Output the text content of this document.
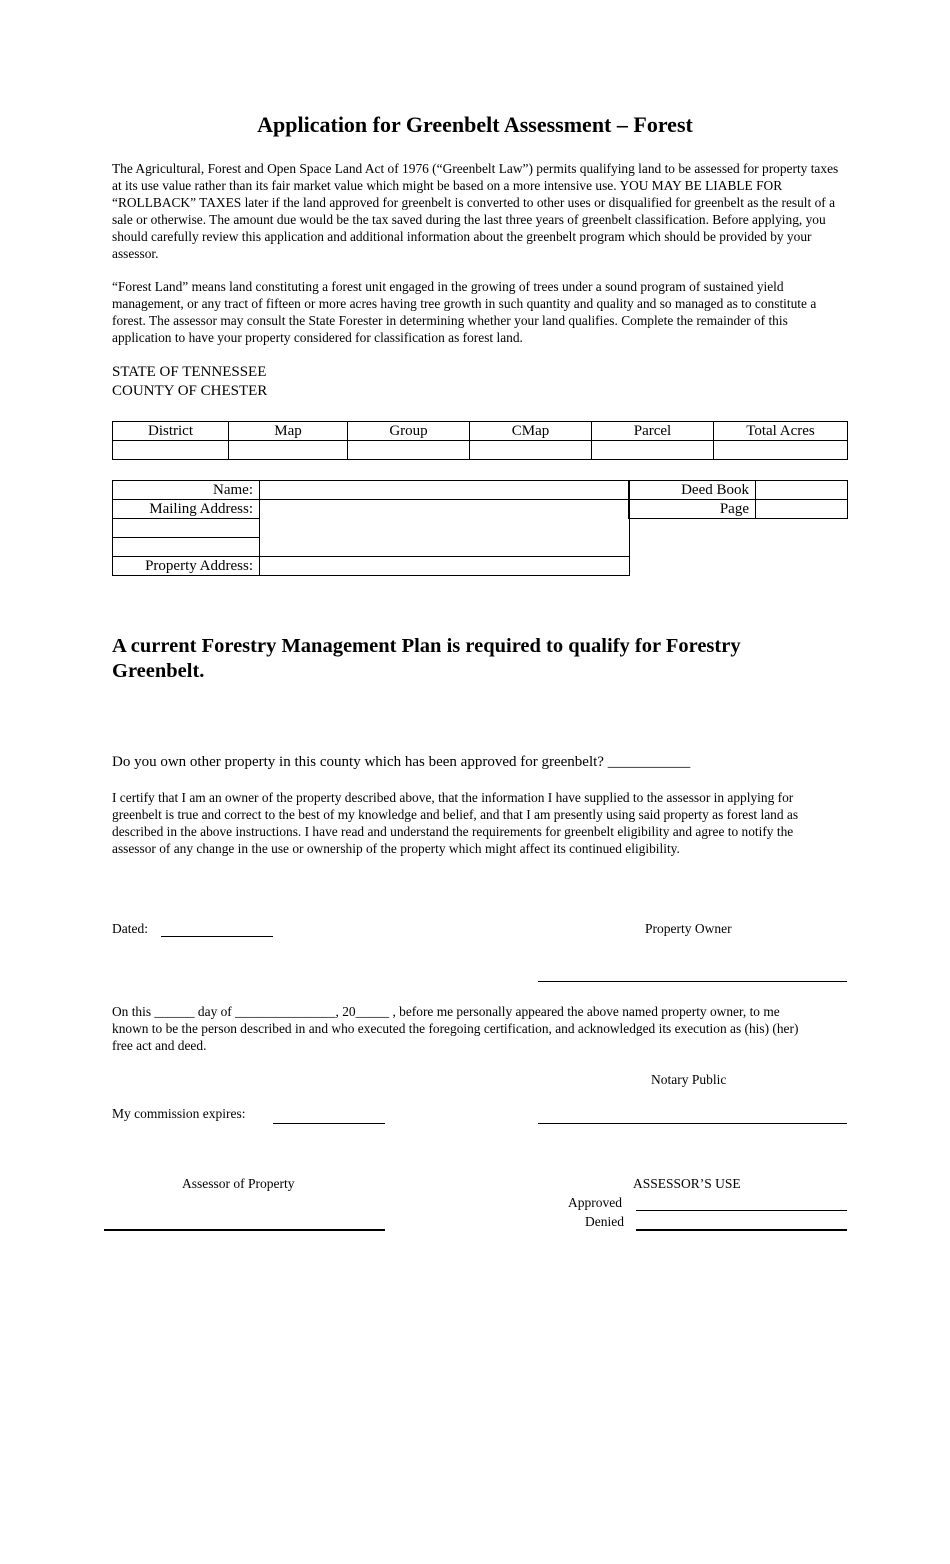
Application for Greenbelt Assessment – Forest
The Agricultural, Forest and Open Space Land Act of 1976 (“Greenbelt Law”) permits qualifying land to be assessed for property taxes at its use value rather than its fair market value which might be based on a more intensive use. YOU MAY BE LIABLE FOR “ROLLBACK” TAXES later if the land approved for greenbelt is converted to other uses or disqualified for greenbelt as the result of a sale or otherwise. The amount due would be the tax saved during the last three years of greenbelt classification. Before applying, you should carefully review this application and additional information about the greenbelt program which should be provided by your assessor.
“Forest Land” means land constituting a forest unit engaged in the growing of trees under a sound program of sustained yield management, or any tract of fifteen or more acres having tree growth in such quantity and quality and so managed as to constitute a forest. The assessor may consult the State Forester in determining whether your land qualifies. Complete the remainder of this application to have your property considered for classification as forest land.
STATE OF TENNESSEE
COUNTY OF CHESTER
District	Map	Group	CMap	Parcel	Total Acres

Name:	
Mailing Address:	

Property Address:	
Deed Book	
Page	
A current Forestry Management Plan is required to qualify for Forestry Greenbelt.
Do you own other property in this county which has been approved for greenbelt? ___________
I certify that I am an owner of the property described above, that the information I have supplied to the assessor in applying for greenbelt is true and correct to the best of my knowledge and belief, and that I am presently using said property as forest land as described in the above instructions. I have read and understand the requirements for greenbelt eligibility and agree to notify the assessor of any change in the use or ownership of the property which might affect its continued eligibility.
Dated:	Property Owner
On this ______ day of _______________, 20_____ , before me personally appeared the above named property owner, to me known to be the person described in and who executed the foregoing certification, and acknowledged its execution as (his) (her) free act and deed.
Notary Public
My commission expires:
Assessor of Property	ASSESSOR’S USE
Approved
Denied
